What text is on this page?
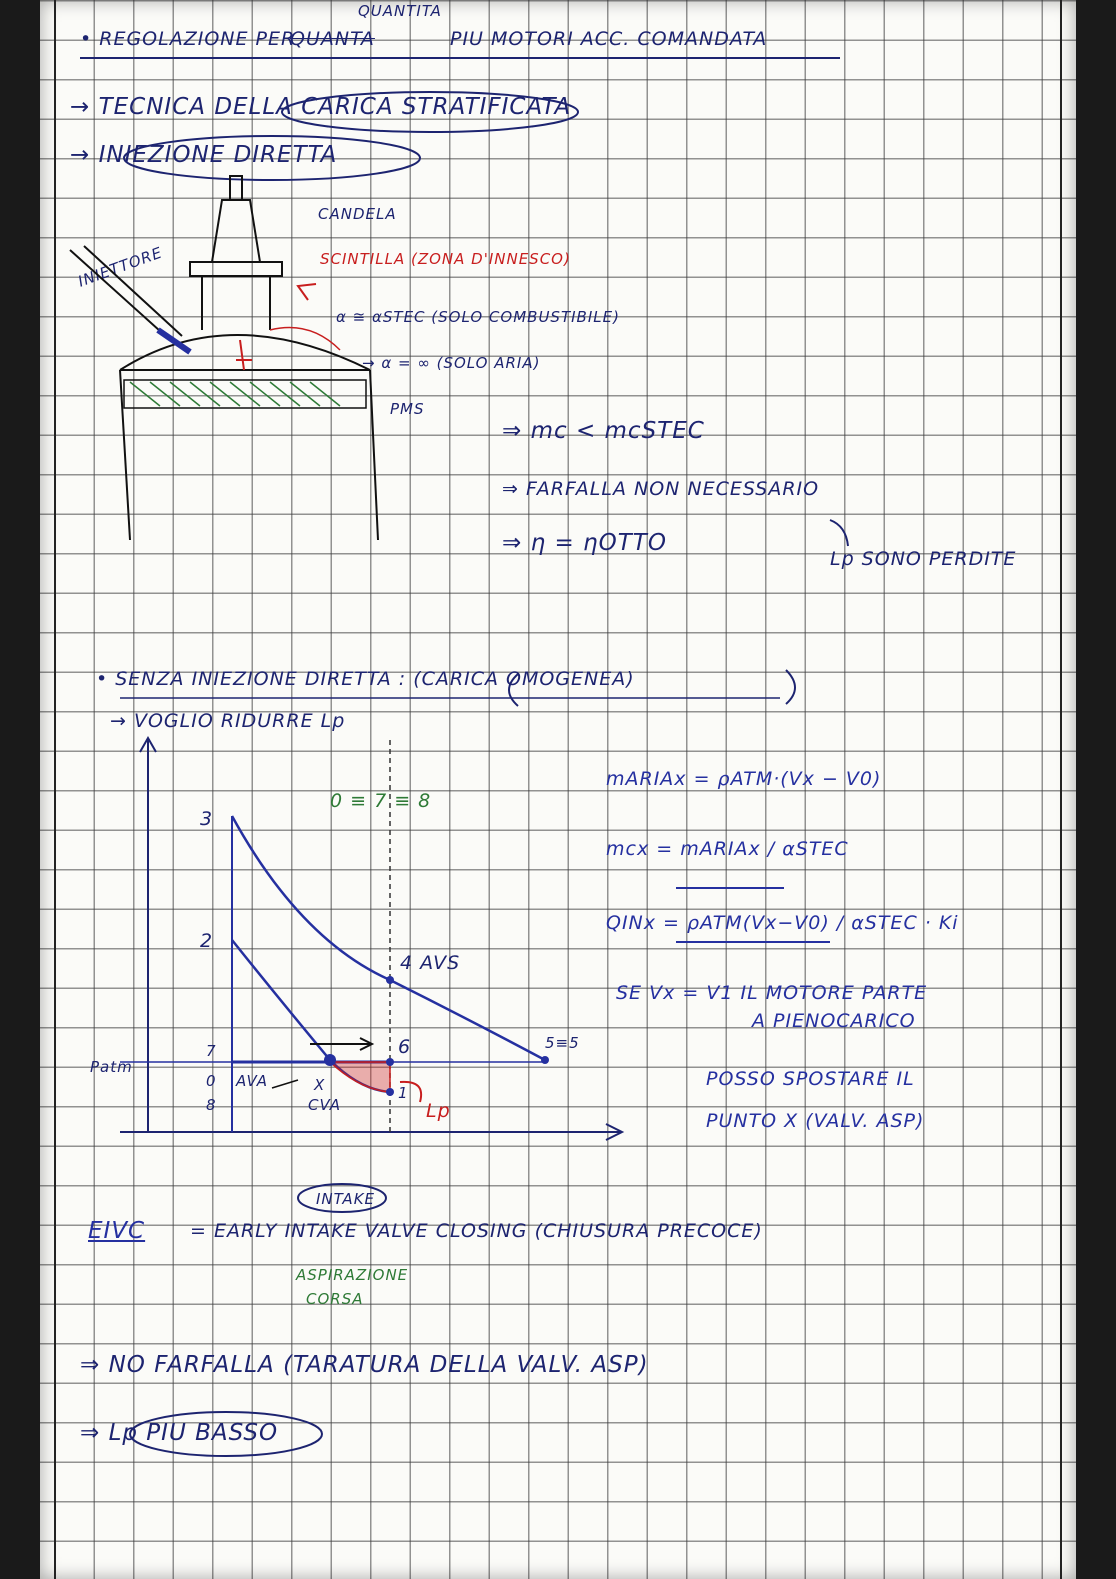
QUANTITA
• REGOLAZIONE PER
QUANTA	PIU MOTORI ACC. COMANDATA
→ TECNICA DELLA CARICA STRATIFICATA
→ INIEZIONE DIRETTA
CANDELA
INIETTORE	SCINTILLA (ZONA D'INNESCO)
α ≅ αSTEC (SOLO COMBUSTIBILE)
→ α = ∞ (SOLO ARIA)
PMS
⇒ mc < mcSTEC
⇒ FARFALLA NON NECESSARIO
⇒ η = ηOTTO
Lp SONO PERDITE
• SENZA INIEZIONE DIRETTA : (CARICA OMOGENEA)
→ VOGLIO RIDURRE Lp
0 ≡ 7 ≡ 8
3
2
4 AVS
5≡5
6
7
0
8
1
AVA	X
CVA	Lp
Patm
mARIAx = ρATM·(Vx − V0)
mcx = mARIAx / αSTEC
QINx = ρATM(Vx−V0) / αSTEC · Ki
SE Vx = V1 IL MOTORE PARTE
A PIENOCARICO
POSSO SPOSTARE IL
PUNTO X (VALV. ASP)
EIVC = EARLY INTAKE VALVE CLOSING (CHIUSURA PRECOCE)
INTAKE
ASPIRAZIONE
CORSA
⇒ NO FARFALLA (TARATURA DELLA VALV. ASP)
⇒ Lp PIU BASSO
